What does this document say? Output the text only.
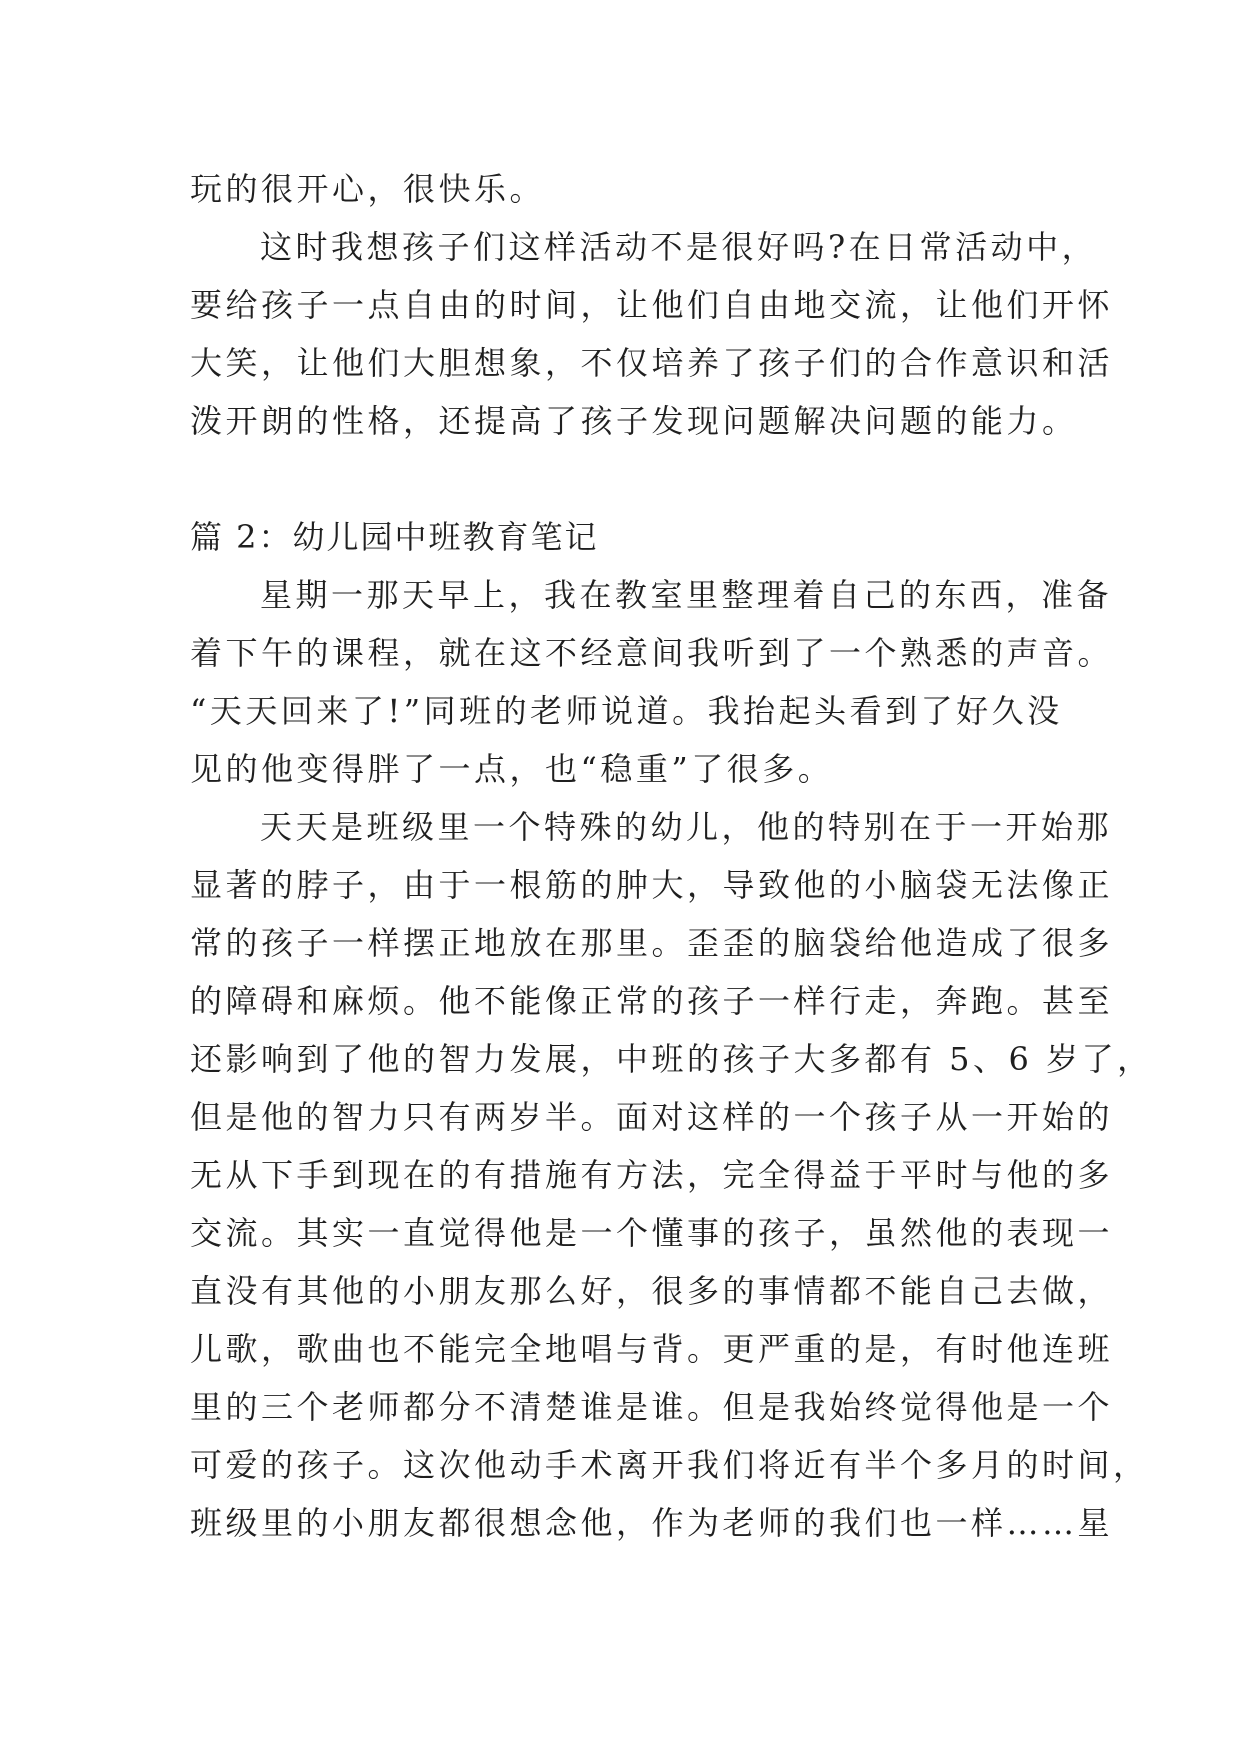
玩的很开心，很快乐。
这时我想孩子们这样活动不是很好吗?在日常活动中，
要给孩子一点自由的时间，让他们自由地交流，让他们开怀
大笑，让他们大胆想象，不仅培养了孩子们的合作意识和活
泼开朗的性格，还提高了孩子发现问题解决问题的能力。
篇 2：幼儿园中班教育笔记
星期一那天早上，我在教室里整理着自己的东西，准备
着下午的课程，就在这不经意间我听到了一个熟悉的声音。
“天天回来了!”同班的老师说道。我抬起头看到了好久没
见的他变得胖了一点，也“稳重”了很多。
天天是班级里一个特殊的幼儿，他的特别在于一开始那
显著的脖子，由于一根筋的肿大，导致他的小脑袋无法像正
常的孩子一样摆正地放在那里。歪歪的脑袋给他造成了很多
的障碍和麻烦。他不能像正常的孩子一样行走，奔跑。甚至
还影响到了他的智力发展，中班的孩子大多都有 5、6 岁了，
但是他的智力只有两岁半。面对这样的一个孩子从一开始的
无从下手到现在的有措施有方法，完全得益于平时与他的多
交流。其实一直觉得他是一个懂事的孩子，虽然他的表现一
直没有其他的小朋友那么好，很多的事情都不能自己去做，
儿歌，歌曲也不能完全地唱与背。更严重的是，有时他连班
里的三个老师都分不清楚谁是谁。但是我始终觉得他是一个
可爱的孩子。这次他动手术离开我们将近有半个多月的时间，
班级里的小朋友都很想念他，作为老师的我们也一样……星
